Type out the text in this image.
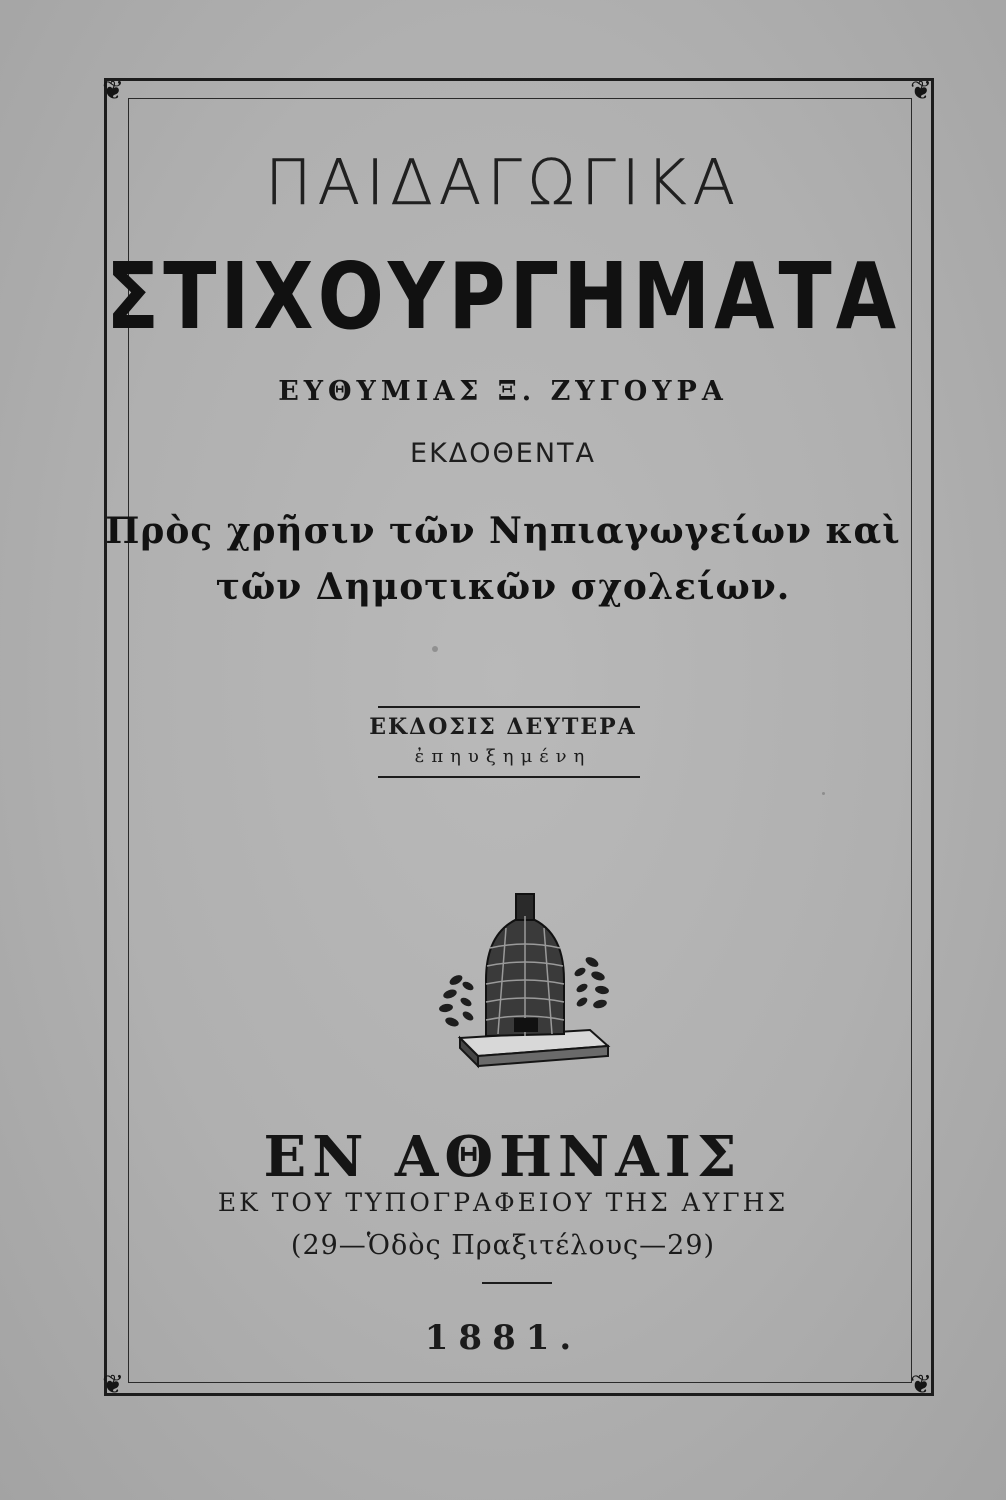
❦	❦
❦	❦
ΠΑΙΔΑΓΩΓΙΚΑ
ΣΤΙΧΟΥΡΓΗΜΑΤΑ
ΕΥΘΥΜΙΑΣ Ξ. ΖΥΓΟΥΡΑ
ΕΚΔΟΘΕΝΤΑ
Πρὸς χρῆσιν τῶν Νηπιαγωγείων καὶ
τῶν Δημοτικῶν σχολείων.
ΕΚΔΟΣΙΣ ΔΕΥΤΕΡΑ
ἐπηυξημένη
ΕΝ ΑΘΗΝΑΙΣ
ΕΚ ΤΟΥ ΤΥΠΟΓΡΑΦΕΙΟΥ ΤΗΣ ΑΥΓΗΣ
(29—Ὁδὸς Πραξιτέλους—29)
1881.
